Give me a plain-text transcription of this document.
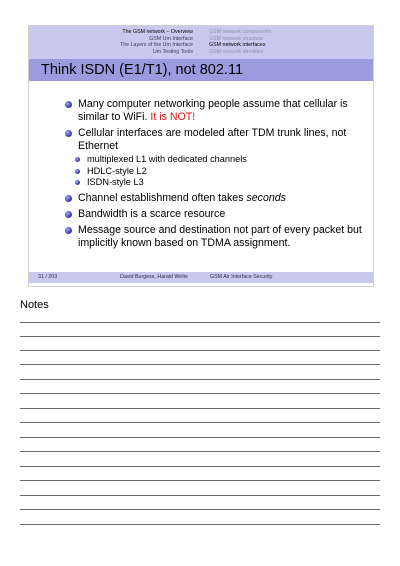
The GSM network – Overview
GSM Um Interface
The Layers of the Um Interface
Um Testing Tools
GSM network components
GSM network structure
GSM network interfaces
GSM network identities
Think ISDN (E1/T1), not 802.11
Many computer networking people assume that cellular is similar to WiFi. It is NOT!
Cellular interfaces are modeled after TDM trunk lines, not Ethernet
multiplexed L1 with dedicated channels
HDLC-style L2
ISDN-style L3
Channel establishmend often takes seconds
Bandwidth is a scarce resource
Message source and destination not part of every packet but implicitly known based on TDMA assignment.
31 / 203	David Burgess, Harald Welte	GSM Air Interface Security
Notes
